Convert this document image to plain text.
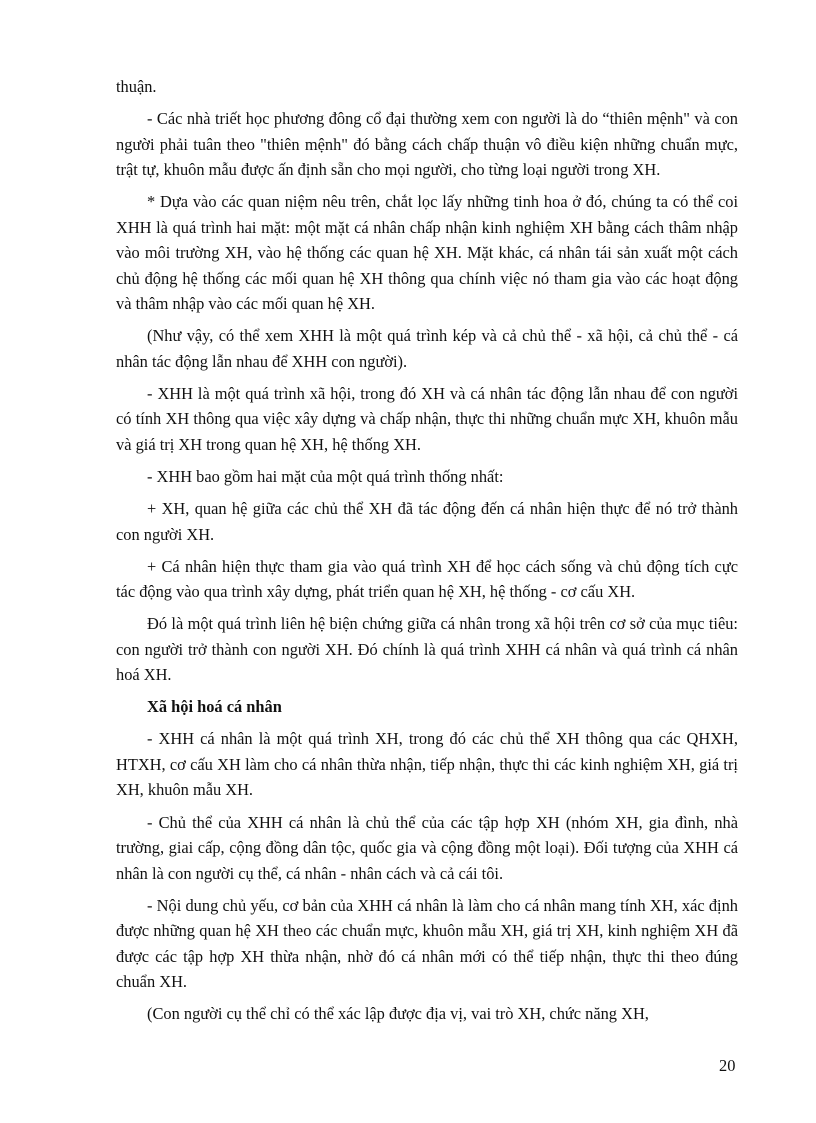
thuận.

- Các nhà triết học phương đông cổ đại thường xem con người là do “thiên mệnh" và con người phải tuân theo "thiên mệnh" đó bằng cách chấp thuận vô điều kiện những chuẩn mực, trật tự, khuôn mẫu được ấn định sẵn cho mọi người, cho từng loại người trong XH.

* Dựa vào các quan niệm nêu trên, chắt lọc lấy những tinh hoa ở đó, chúng ta có thể coi XHH là quá trình hai mặt: một mặt cá nhân chấp nhận kinh nghiệm XH bằng cách thâm nhập vào môi trường XH, vào hệ thống các quan hệ XH. Mặt khác, cá nhân tái sản xuất một cách chủ động hệ thống các mối quan hệ XH thông qua chính việc nó tham gia vào các hoạt động và thâm nhập vào các mối quan hệ XH.

(Như vậy, có thể xem XHH là một quá trình kép và cả chủ thể - xã hội, cả chủ thể - cá nhân tác động lẫn nhau để XHH con người).

- XHH là một quá trình xã hội, trong đó XH và cá nhân tác động lẫn nhau để con người có tính XH thông qua việc xây dựng và chấp nhận, thực thi những chuẩn mực XH, khuôn mẫu và giá trị XH trong quan hệ XH, hệ thống XH.

- XHH bao gồm hai mặt của một quá trình thống nhất:

+ XH, quan hệ giữa các chủ thể XH đã tác động đến cá nhân hiện thực để nó trở thành con người XH.

+ Cá nhân hiện thực tham gia vào quá trình XH để học cách sống và chủ động tích cực tác động vào qua trình xây dựng, phát triển quan hệ XH, hệ thống - cơ cấu XH.

Đó là một quá trình liên hệ biện chứng giữa cá nhân trong xã hội trên cơ sở của mục tiêu: con người trở thành con người XH. Đó chính là quá trình XHH cá nhân và quá trình cá nhân hoá XH.

Xã hội hoá cá nhân

- XHH cá nhân là một quá trình XH, trong đó các chủ thể XH thông qua các QHXH, HTXH, cơ cấu XH làm cho cá nhân thừa nhận, tiếp nhận, thực thi các kinh nghiệm XH, giá trị XH, khuôn mẫu XH.

- Chủ thể của XHH cá nhân là chủ thể của các tập hợp XH (nhóm XH, gia đình, nhà trường, giai cấp, cộng đồng dân tộc, quốc gia và cộng đồng một loại). Đối tượng của XHH cá nhân là con người cụ thể, cá nhân - nhân cách và cả cái tôi.

- Nội dung chủ yếu, cơ bản của XHH cá nhân là làm cho cá nhân mang tính XH, xác định được những quan hệ XH theo các chuẩn mực, khuôn mẫu XH, giá trị XH, kinh nghiệm XH đã được các tập hợp XH thừa nhận, nhờ đó cá nhân mới có thể tiếp nhận, thực thi theo đúng chuẩn XH.

(Con người cụ thể chỉ có thể xác lập được địa vị, vai trò XH, chức năng XH,

20
